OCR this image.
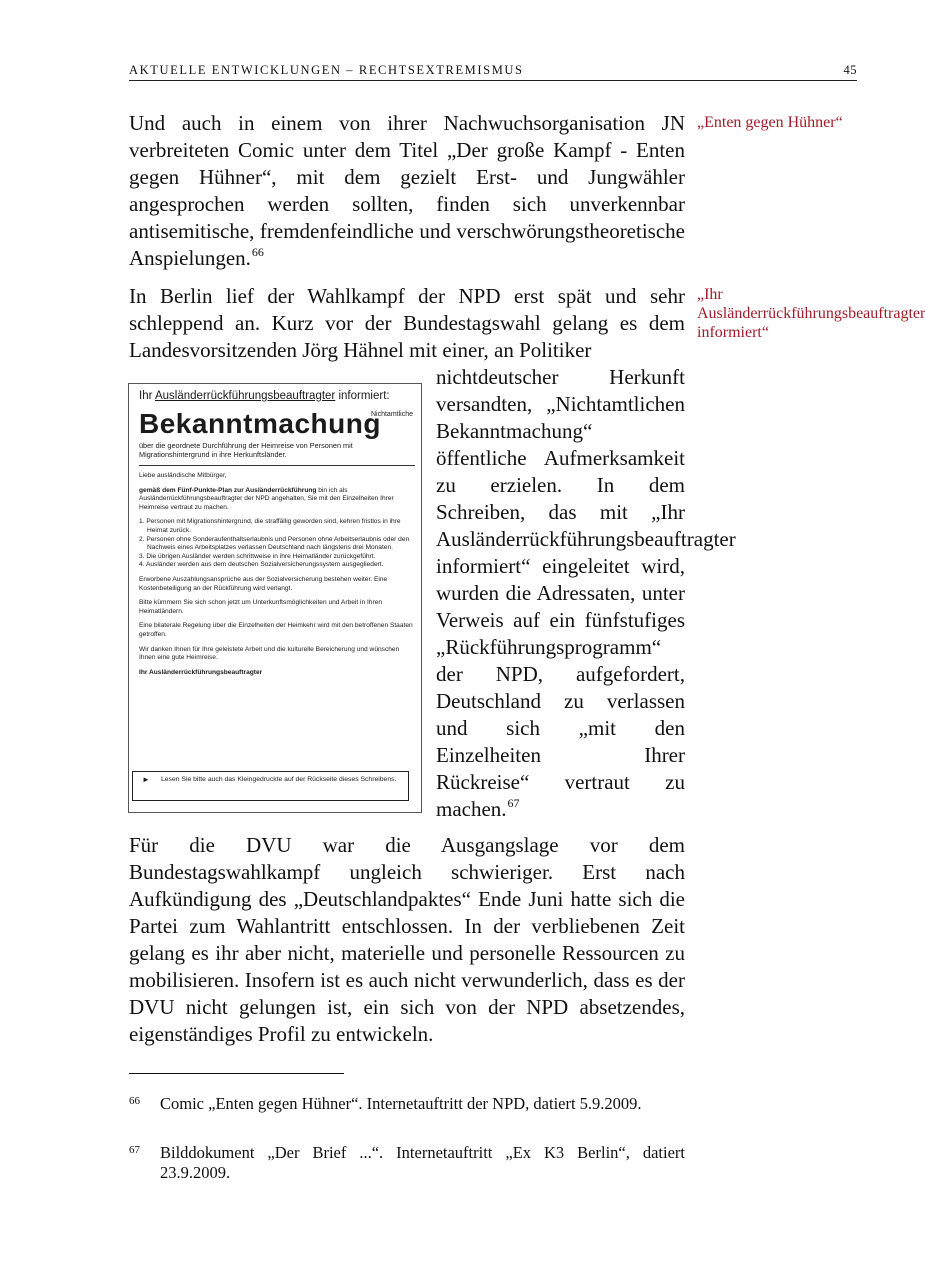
AKTUELLE ENTWICKLUNGEN – RECHTSEXTREMISMUS	45

Und auch in einem von ihrer Nachwuchsorganisation JN verbreiteten Comic unter dem Titel „Der große Kampf - Enten gegen Hühner“, mit dem gezielt Erst- und Jungwähler angesprochen werden sollten, finden sich unverkennbar antisemitische, fremdenfeindliche und verschwörungstheoretische Anspielungen.$^{66}$

„Enten gegen Hühner“
„Ihr Ausländerrückführungsbeauftragter informiert“

In Berlin lief der Wahlkampf der NPD erst spät und sehr schleppend an. Kurz vor der Bundestagswahl gelang es dem Landesvorsitzenden Jörg Hähnel mit einer, an Politiker

nichtdeutscher Herkunft versandten, „Nichtamtlichen Bekanntmachung“ öffentliche Aufmerksamkeit zu erzielen. In dem Schreiben, das mit „Ihr Ausländerrückführungsbeauftragter informiert“ eingeleitet wird, wurden die Adressaten, unter Verweis auf ein fünfstufiges „Rückführungsprogramm“ der NPD, aufgefordert, Deutschland zu verlassen und sich „mit den Einzelheiten Ihrer Rückreise“ vertraut zu machen.$^{67}$

Ihr Ausländerrückführungsbeauftragter informiert:

Nichtamtliche
Bekanntmachung

über die geordnete Durchführung der Heimreise von Personen mit Migrationshintergrund in ihre Herkunftsländer.

Liebe ausländische Mitbürger,

gemäß dem Fünf-Punkte-Plan zur Ausländerrückführung bin ich als Ausländerrückführungsbeauftragter der NPD angehalten, Sie mit den Einzelheiten Ihrer Heimreise vertraut zu machen.

1. Personen mit Migrationshintergrund, die straffällig geworden sind, kehren fristlos in ihre Heimat zurück.
2. Personen ohne Sonderaufenthaltserlaubnis und Personen ohne Arbeitserlaubnis oder den Nachweis eines Arbeitsplatzes verlassen Deutschland nach längstens drei Monaten.
3. Die übrigen Ausländer werden schrittweise in ihre Heimatländer zurückgeführt.
4. Ausländer werden aus dem deutschen Sozialversicherungssystem ausgegliedert.

Erworbene Auszahlungsansprüche aus der Sozialversicherung bestehen weiter. Eine Kostenbeteiligung an der Rückführung wird verlangt.

Bitte kümmern Sie sich schon jetzt um Unterkunftsmöglichkeiten und Arbeit in Ihren Heimatländern.

Eine bilaterale Regelung über die Einzelheiten der Heimkehr wird mit den betroffenen Staaten getroffen.

Wir danken Ihnen für Ihre geleistete Arbeit und die kulturelle Bereicherung und wünschen Ihnen eine gute Heimreise.

Ihr Ausländerrückführungsbeauftragter

► Lesen Sie bitte auch das Kleingedruckte auf der Rückseite dieses Schreibens.

Für die DVU war die Ausgangslage vor dem Bundestagswahlkampf ungleich schwieriger. Erst nach Aufkündigung des „Deutschlandpaktes“ Ende Juni hatte sich die Partei zum Wahlantritt entschlossen. In der verbliebenen Zeit gelang es ihr aber nicht, materielle und personelle Ressourcen zu mobilisieren. Insofern ist es auch nicht verwunderlich, dass es der DVU nicht gelungen ist, ein sich von der NPD absetzendes, eigenständiges Profil zu entwickeln.

66 Comic „Enten gegen Hühner“. Internetauftritt der NPD, datiert 5.9.2009.
67 Bilddokument „Der Brief ...“. Internetauftritt „Ex K3 Berlin“, datiert 23.9.2009.
